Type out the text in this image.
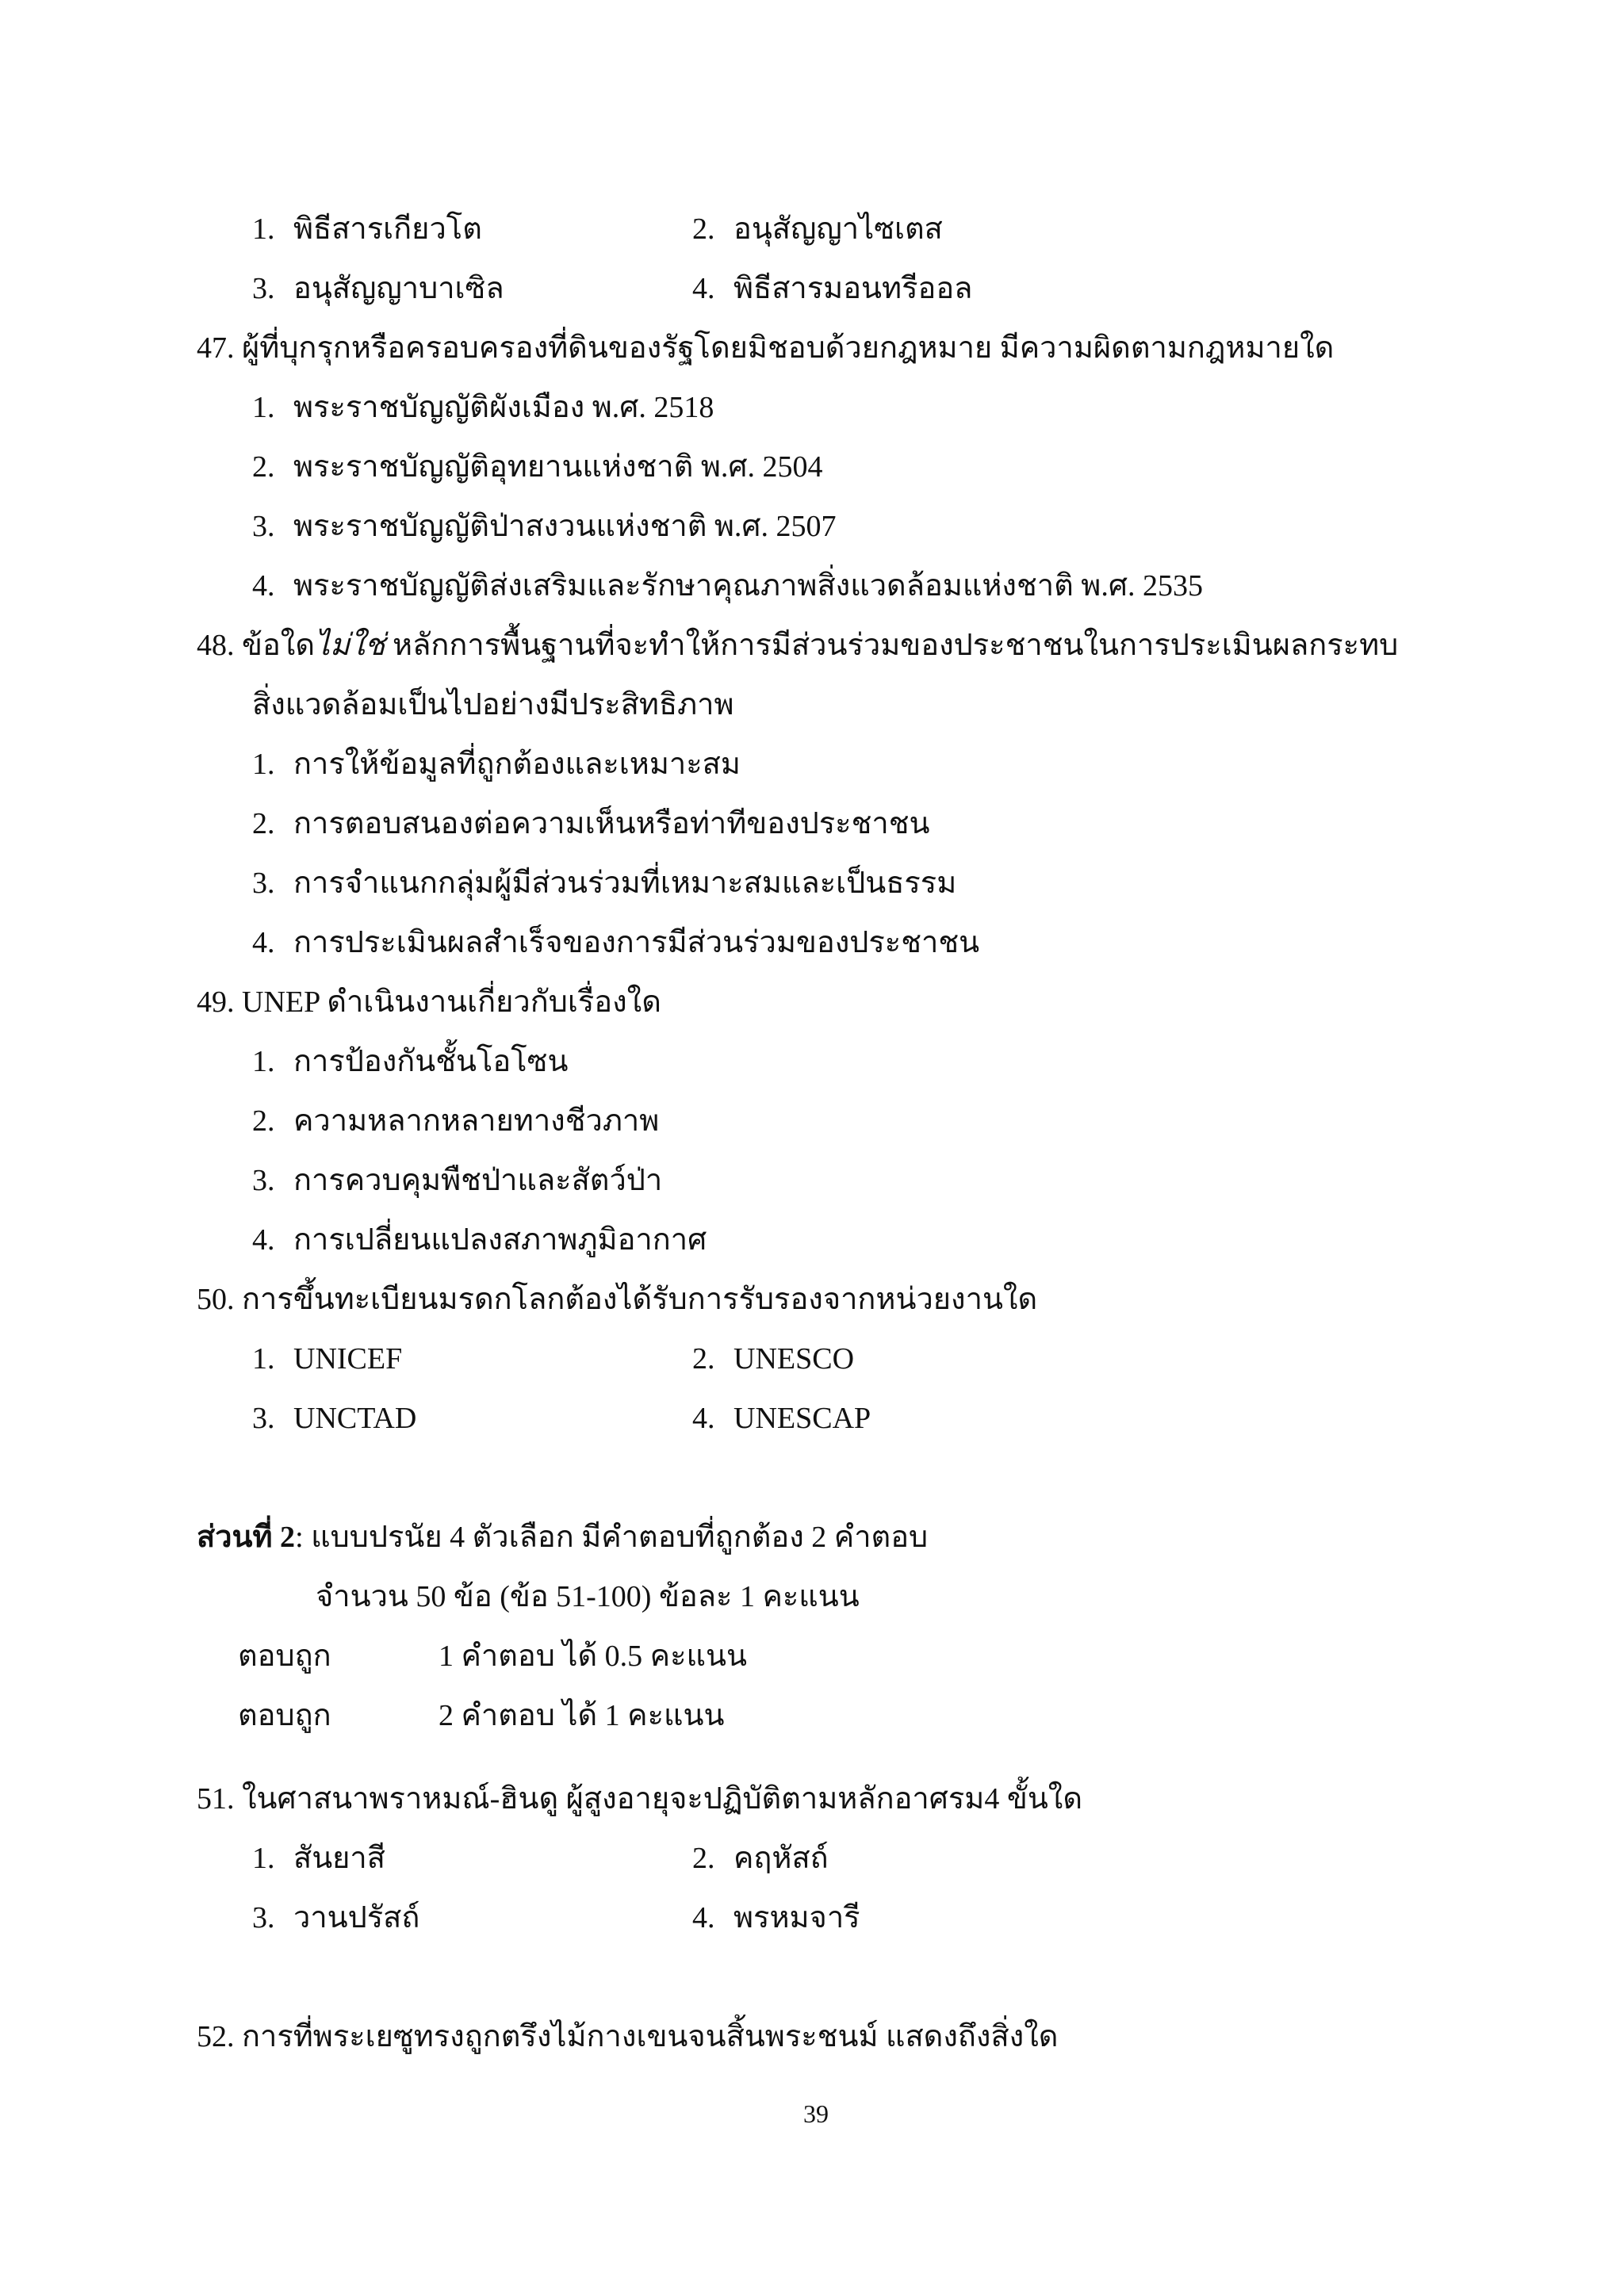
1. พิธีสารเกียวโต	2. อนุสัญญาไซเตส
3. อนุสัญญาบาเซิล	4. พิธีสารมอนทรีออล
47. ผู้ที่บุกรุกหรือครอบครองที่ดินของรัฐโดยมิชอบด้วยกฎหมาย มีความผิดตามกฎหมายใด
1. พระราชบัญญัติผังเมือง พ.ศ. 2518
2. พระราชบัญญัติอุทยานแห่งชาติ พ.ศ. 2504
3. พระราชบัญญัติป่าสงวนแห่งชาติ พ.ศ. 2507
4. พระราชบัญญัติส่งเสริมและรักษาคุณภาพสิ่งแวดล้อมแห่งชาติ พ.ศ. 2535
48. ข้อใดไม่ใช่ หลักการพื้นฐานที่จะทำให้การมีส่วนร่วมของประชาชนในการประเมินผลกระทบ
สิ่งแวดล้อมเป็นไปอย่างมีประสิทธิภาพ
1. การให้ข้อมูลที่ถูกต้องและเหมาะสม
2. การตอบสนองต่อความเห็นหรือท่าทีของประชาชน
3. การจำแนกกลุ่มผู้มีส่วนร่วมที่เหมาะสมและเป็นธรรม
4. การประเมินผลสำเร็จของการมีส่วนร่วมของประชาชน
49. UNEP ดำเนินงานเกี่ยวกับเรื่องใด
1. การป้องกันชั้นโอโซน
2. ความหลากหลายทางชีวภาพ
3. การควบคุมพืชป่าและสัตว์ป่า
4. การเปลี่ยนแปลงสภาพภูมิอากาศ
50. การขึ้นทะเบียนมรดกโลกต้องได้รับการรับรองจากหน่วยงานใด
1. UNICEF	2. UNESCO
3. UNCTAD	4. UNESCAP
ส่วนที่ 2: แบบปรนัย 4 ตัวเลือก มีคำตอบที่ถูกต้อง 2 คำตอบ
จำนวน 50 ข้อ (ข้อ 51-100) ข้อละ 1 คะแนน
ตอบถูก	1 คำตอบ ได้ 0.5 คะแนน
ตอบถูก	2 คำตอบ ได้ 1 คะแนน
51. ในศาสนาพราหมณ์-ฮินดู ผู้สูงอายุจะปฏิบัติตามหลักอาศรม4 ขั้นใด
1. สันยาสี	2. คฤหัสถ์
3. วานปรัสถ์	4. พรหมจารี
52. การที่พระเยซูทรงถูกตรึงไม้กางเขนจนสิ้นพระชนม์ แสดงถึงสิ่งใด
39
